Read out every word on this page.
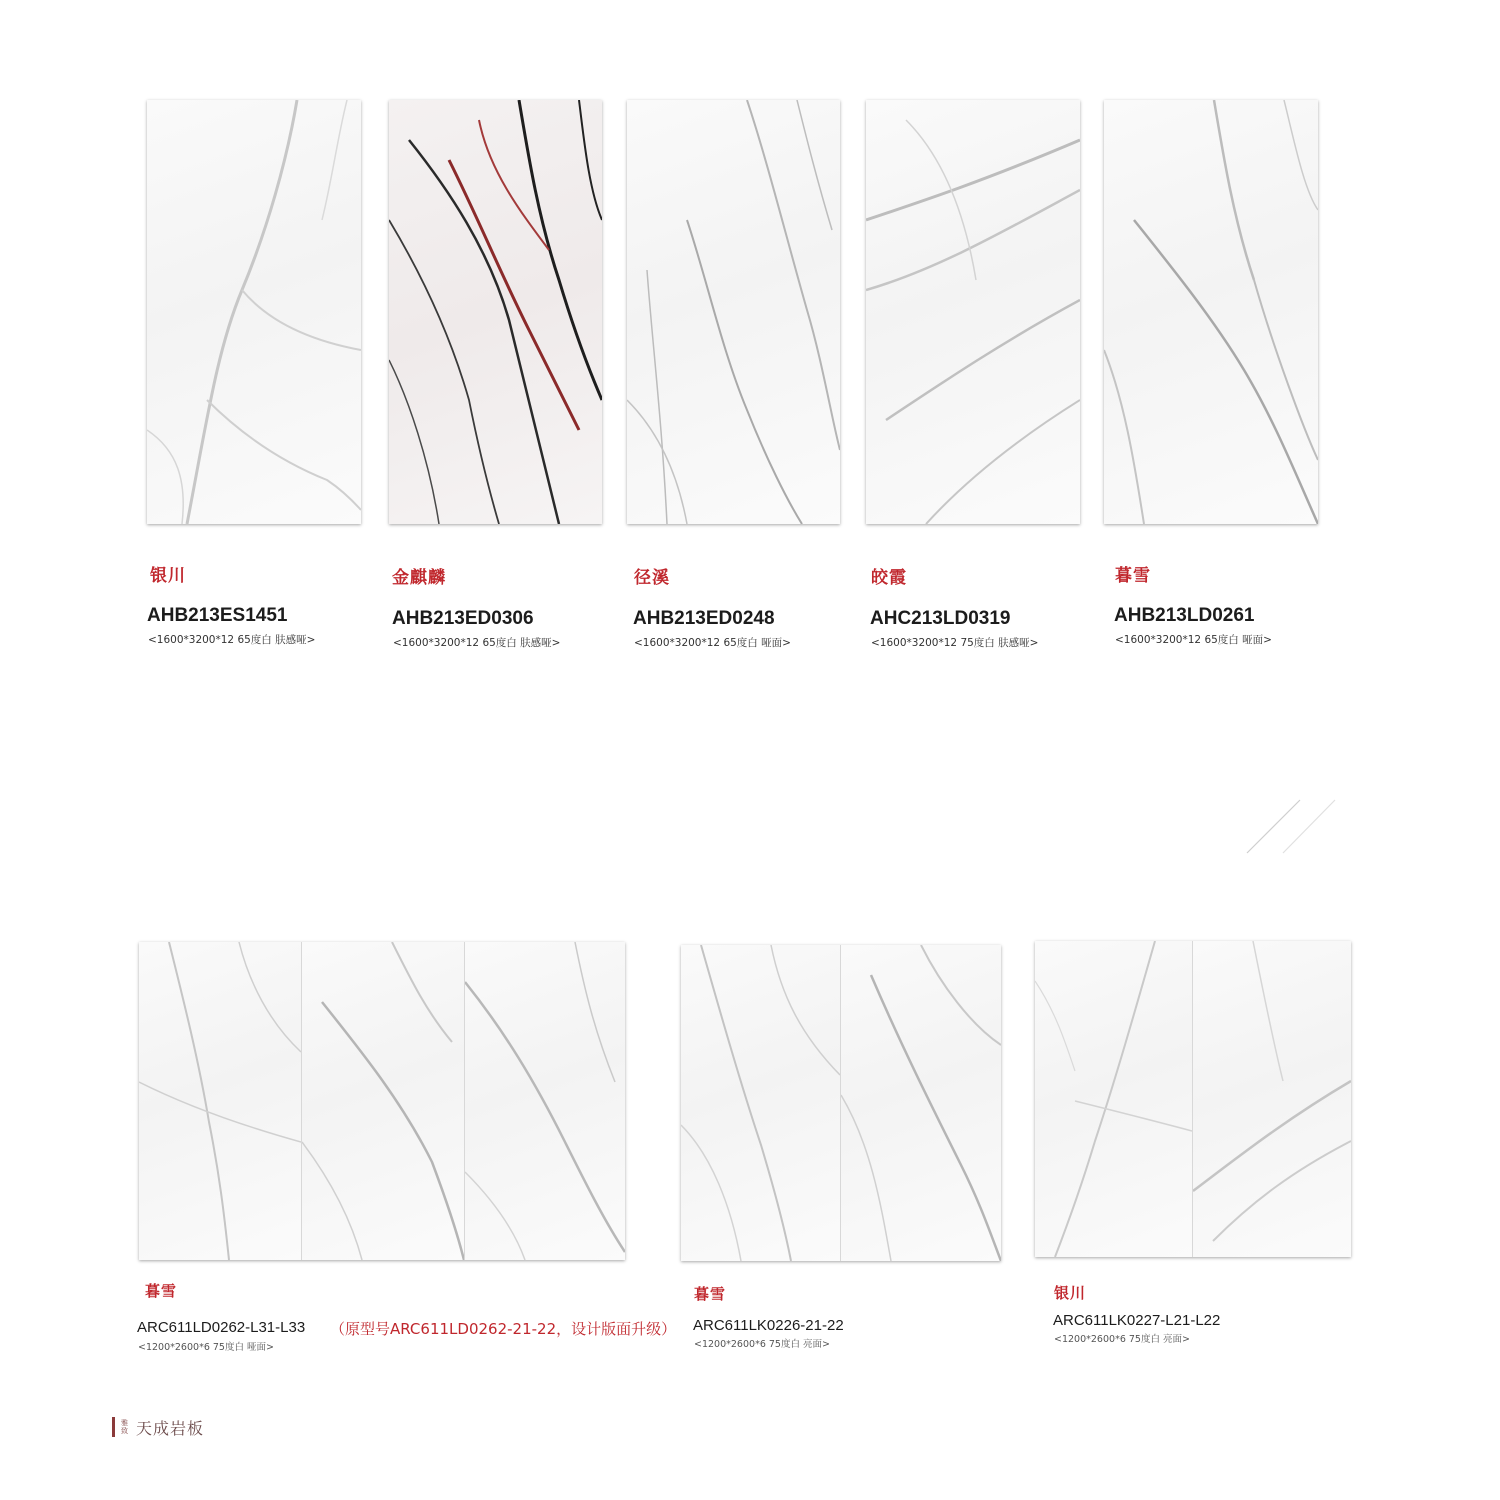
银川
AHB213ES1451
<1600*3200*12 65度白 肤感哑>
金麒麟
AHB213ED0306
<1600*3200*12 65度白 肤感哑>
径溪
AHB213ED0248
<1600*3200*12 65度白 哑面>
皎霞
AHC213LD0319
<1600*3200*12 75度白 肤感哑>
暮雪
AHB213LD0261
<1600*3200*12 65度白 哑面>
暮雪
ARC611LD0262-L31-L33 （原型号ARC611LD0262-21-22，设计版面升级）
<1200*2600*6 75度白 哑面>
暮雪
ARC611LK0226-21-22
<1200*2600*6 75度白 亮面>
银川
ARC611LK0227-L21-L22
<1200*2600*6 75度白 亮面>
雅致 天成岩板
